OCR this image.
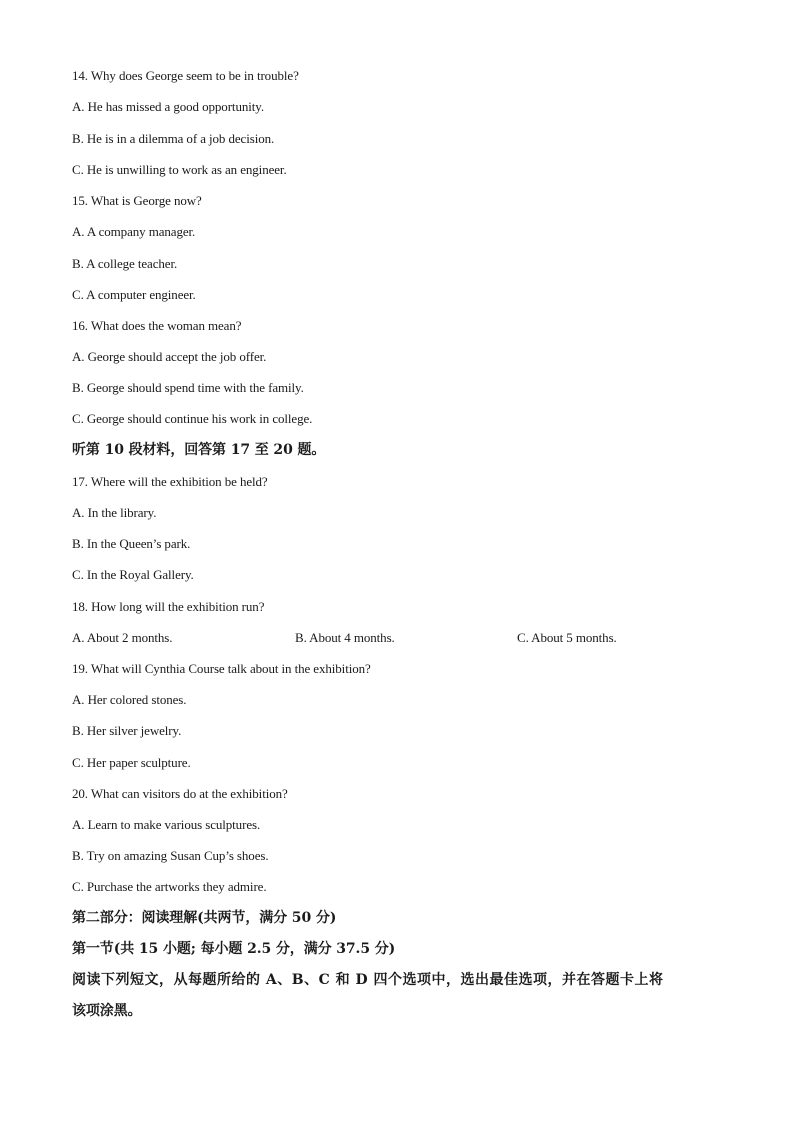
14. Why does George seem to be in trouble?
A. He has missed a good opportunity.
B. He is in a dilemma of a job decision.
C. He is unwilling to work as an engineer.
15. What is George now?
A. A company manager.
B. A college teacher.
C. A computer engineer.
16. What does the woman mean?
A. George should accept the job offer.
B. George should spend time with the family.
C. George should continue his work in college.
听第 10 段材料，回答第 17 至 20 题。
17. Where will the exhibition be held?
A. In the library.
B. In the Queen’s park.
C. In the Royal Gallery.
18. How long will the exhibition run?
A. About 2 months.	B. About 4 months.	C. About 5 months.
19. What will Cynthia Course talk about in the exhibition?
A. Her colored stones.
B. Her silver jewelry.
C. Her paper sculpture.
20. What can visitors do at the exhibition?
A. Learn to make various sculptures.
B. Try on amazing Susan Cup’s shoes.
C. Purchase the artworks they admire.
第二部分：阅读理解(共两节，满分 50 分)
第一节(共 15 小题; 每小题 2.5 分，满分 37.5 分)
阅读下列短文，从每题所给的 A、B、C 和 D 四个选项中，选出最佳选项，并在答题卡上将
该项涂黑。
